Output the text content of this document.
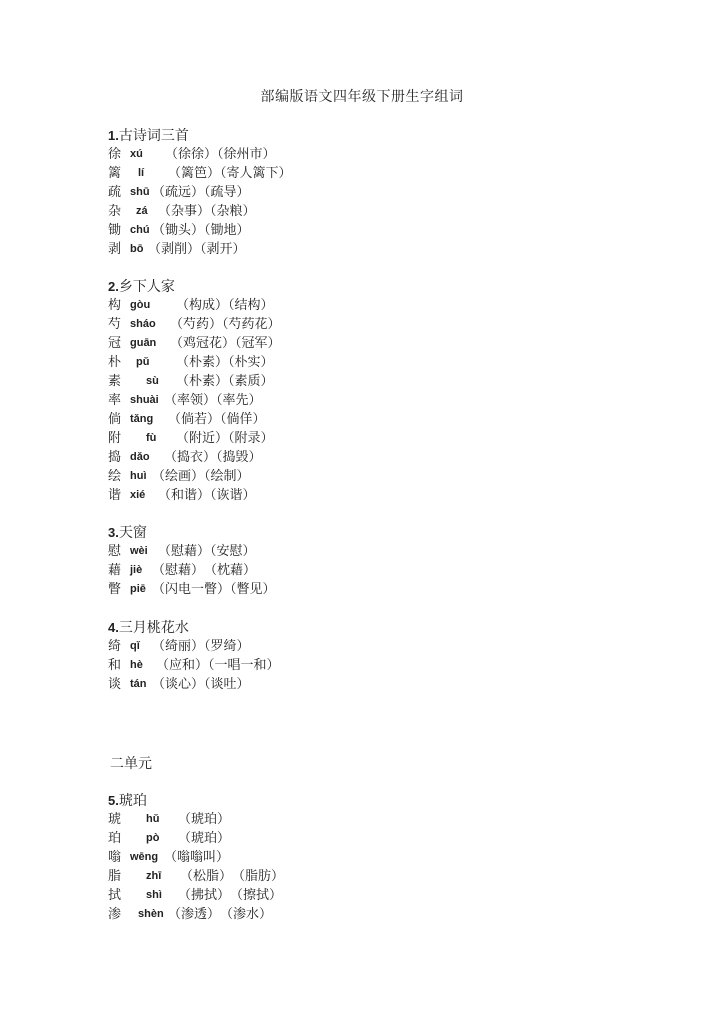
部编版语文四年级下册生字组词
1.古诗词三首
徐 xú （徐徐）（徐州市）
篱 lí （篱笆）（寄人篱下）
疏 shū （疏远）（疏导）
杂 zá （杂事）（杂粮）
锄 chú （锄头）（锄地）
剥 bō （剥削）（剥开）
2.乡下人家
构 gòu （构成）（结构）
芍 sháo （芍药）（芍药花）
冠 guān （鸡冠花）（冠军）
朴 pǔ （朴素）（朴实）
素 sù （朴素）（素质）
率 shuài （率领）（率先）
倘 tǎng （倘若）（倘佯）
附 fù （附近）（附录）
捣 dǎo （捣衣）（捣毁）
绘 huì （绘画）（绘制）
谐 xié （和谐）（诙谐）
3.天窗
慰 wèi （慰藉）（安慰）
藉 jiè （慰藉）　（枕藉）
瞥 piē （闪电一瞥）（瞥见）
4.三月桃花水
绮 qǐ （绮丽）（罗绮）
和 hè （应和）（一唱一和）
谈 tán （谈心）（谈吐）
二单元
5.琥珀
琥 hǔ （琥珀）
珀 pò （琥珀）
嗡 wēng （嗡嗡叫）
脂 zhī （松脂）　（脂肪）
拭 shì （拂拭）　（擦拭）
渗 shèn （渗透）　（渗水）
